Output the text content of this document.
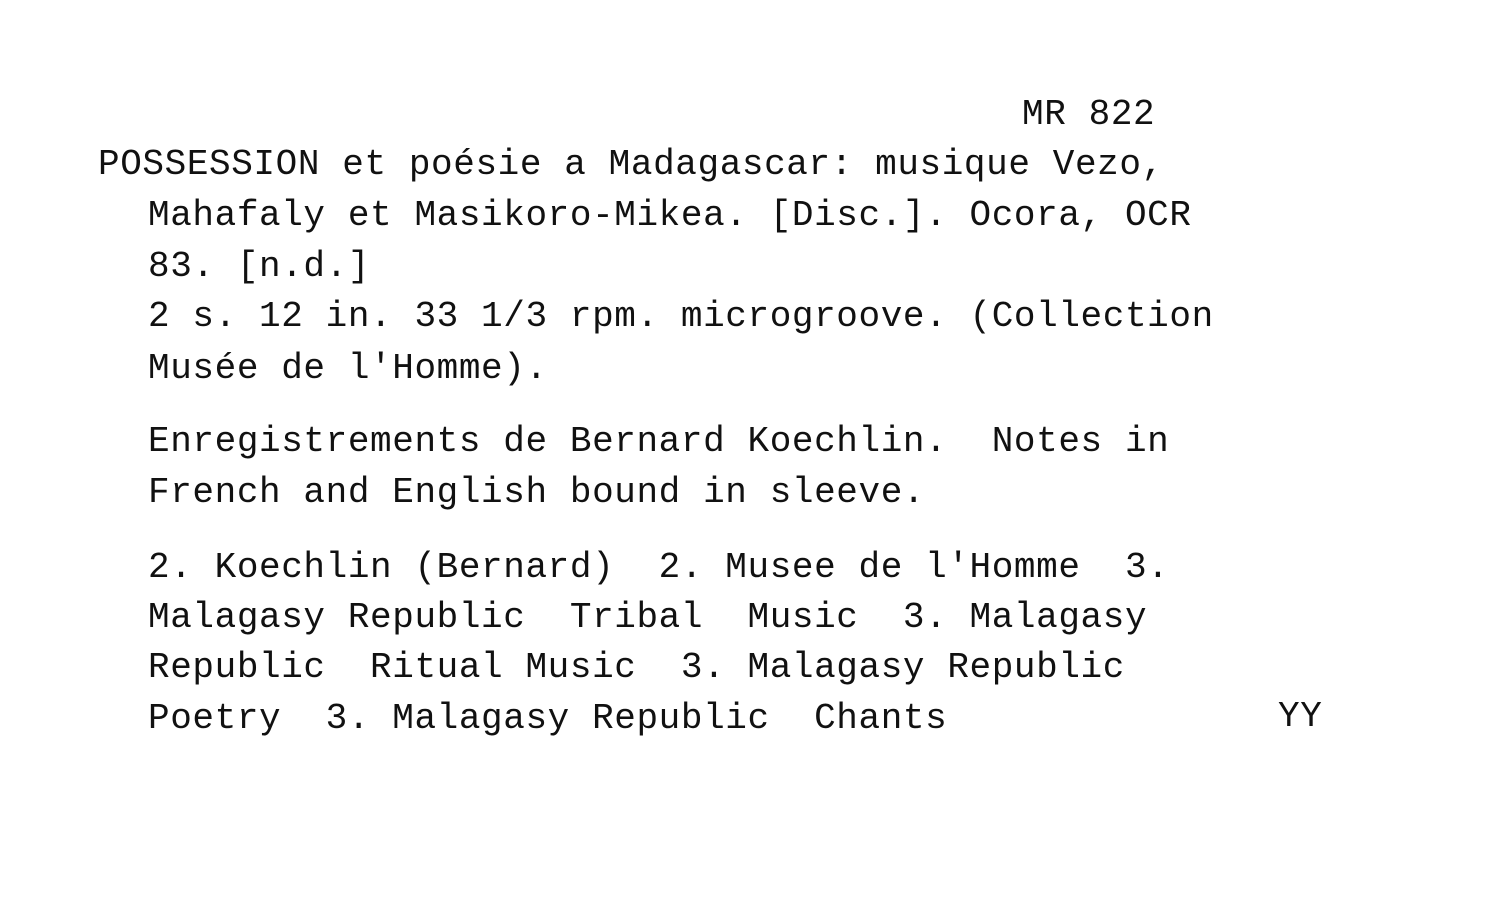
MR 822
POSSESSION et poésie a Madagascar: musique Vezo,
Mahafaly et Masikoro-Mikea. [Disc.]. Ocora, OCR
83. [n.d.]
2 s. 12 in. 33 1/3 rpm. microgroove. (Collection
Musée de l'Homme).
Enregistrements de Bernard Koechlin.  Notes in
French and English bound in sleeve.
2. Koechlin (Bernard)  2. Musee de l'Homme  3.
Malagasy Republic  Tribal  Music  3. Malagasy
Republic  Ritual Music  3. Malagasy Republic
Poetry  3. Malagasy Republic  Chants	YY
